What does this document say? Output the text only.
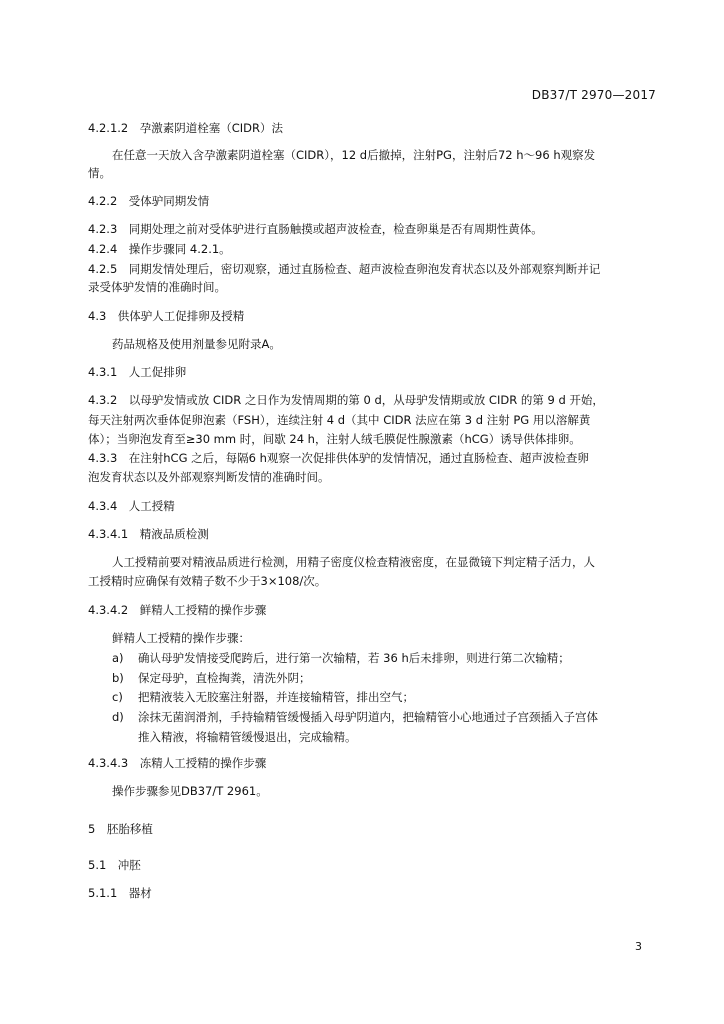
DB37/T 2970—2017
4.2.1.2　孕激素阴道栓塞（CIDR）法
在任意一天放入含孕激素阴道栓塞（CIDR），12 d后撤掉，注射PG，注射后72 h～96 h观察发
情。
4.2.2　受体驴同期发情
4.2.3　同期处理之前对受体驴进行直肠触摸或超声波检查，检查卵巢是否有周期性黄体。
4.2.4　操作步骤同 4.2.1。
4.2.5　同期发情处理后，密切观察，通过直肠检查、超声波检查卵泡发育状态以及外部观察判断并记
录受体驴发情的准确时间。
4.3　供体驴人工促排卵及授精
药品规格及使用剂量参见附录A。
4.3.1　人工促排卵
4.3.2　以母驴发情或放 CIDR 之日作为发情周期的第 0 d，从母驴发情期或放 CIDR 的第 9 d 开始，
每天注射两次垂体促卵泡素（FSH），连续注射 4 d（其中 CIDR 法应在第 3 d 注射 PG 用以溶解黄
体）；当卵泡发育至≥30 mm 时，间歇 24 h，注射人绒毛膜促性腺激素（hCG）诱导供体排卵。
4.3.3　在注射hCG 之后，每隔6 h观察一次促排供体驴的发情情况，通过直肠检查、超声波检查卵
泡发育状态以及外部观察判断发情的准确时间。
4.3.4　人工授精
4.3.4.1　精液品质检测
人工授精前要对精液品质进行检测，用精子密度仪检查精液密度，在显微镜下判定精子活力，人
工授精时应确保有效精子数不少于3×108/次。
4.3.4.2　鲜精人工授精的操作步骤
鲜精人工授精的操作步骤：
a) 确认母驴发情接受爬跨后，进行第一次输精，若 36 h后未排卵，则进行第二次输精；
b) 保定母驴，直检掏粪，清洗外阴；
c) 把精液装入无胶塞注射器，并连接输精管，排出空气；
d) 涂抹无菌润滑剂，手持输精管缓慢插入母驴阴道内，把输精管小心地通过子宫颈插入子宫体
推入精液，将输精管缓慢退出，完成输精。
4.3.4.3　冻精人工授精的操作步骤
操作步骤参见DB37/T 2961。
5　胚胎移植
5.1　冲胚
5.1.1　器材
3
